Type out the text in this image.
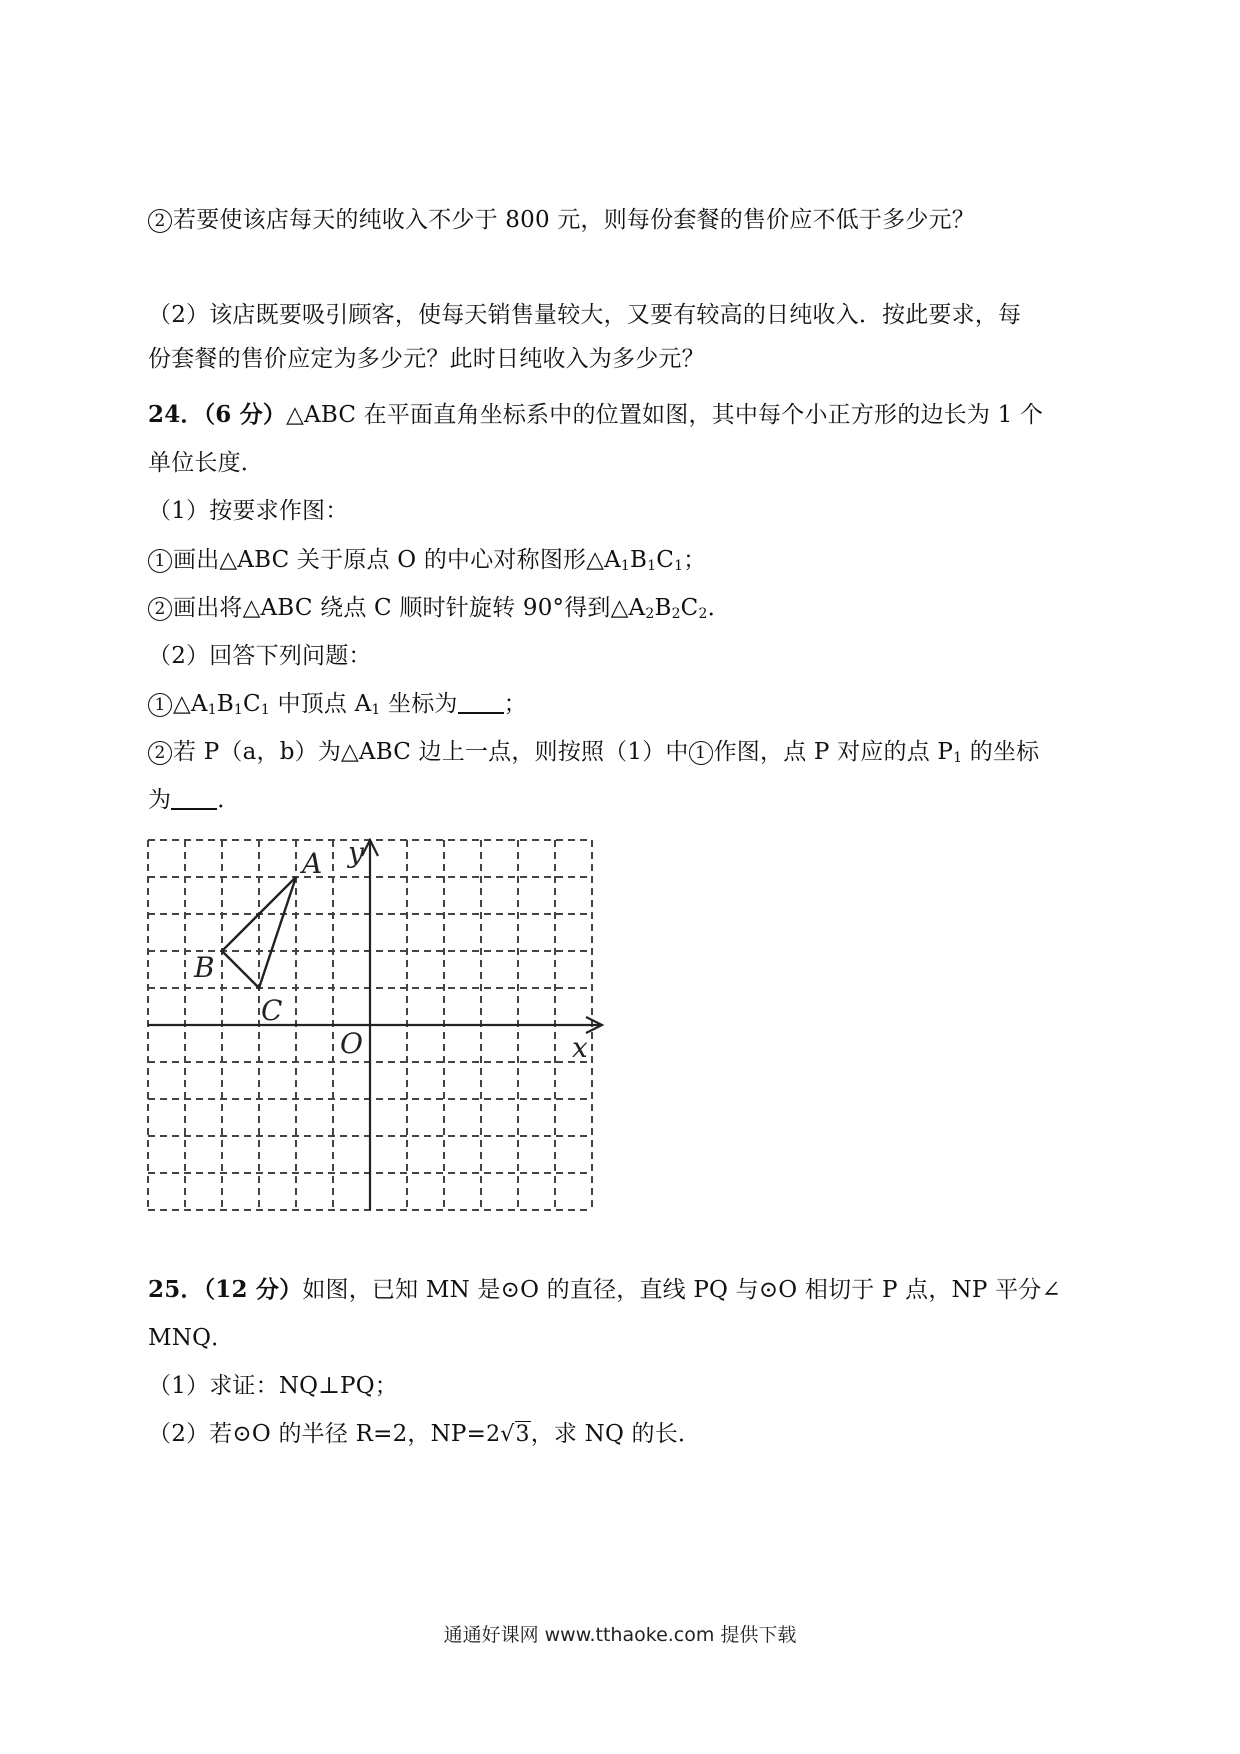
2 若要使该店每天的纯收入不少于 800 元，则每份套餐的售价应不低于多少元？
（2）该店既要吸引顾客，使每天销售量较大，又要有较高的日纯收入．按此要求，每
份套餐的售价应定为多少元？此时日纯收入为多少元？
24．（6 分）△ABC 在平面直角坐标系中的位置如图，其中每个小正方形的边长为 1 个
单位长度．
（1）按要求作图：
1 画出△ABC 关于原点 O 的中心对称图形$\triangle A_1B_1C_1$；
2 画出将△ABC 绕点 C 顺时针旋转 90°得到$\triangle A_2B_2C_2$．
（2）回答下列问题：
1 $\triangle A_1B_1C_1$ 中顶点 $A_1$ 坐标为 ；
2 若 P（a，b）为△ABC 边上一点，则按照（1）中 1 作图，点 P 对应的点 $P_1$ 的坐标
为 ．
A
B
C
O	x
y
25．（12 分）如图，已知 MN 是⊙O 的直径，直线 PQ 与⊙O 相切于 P 点，NP 平分∠
MNQ．
（1）求证：NQ⊥PQ；
（2）若⊙O 的半径 R=2，NP=2√3，求 NQ 的长．
通通好课网 www.tthaoke.com 提供下载
